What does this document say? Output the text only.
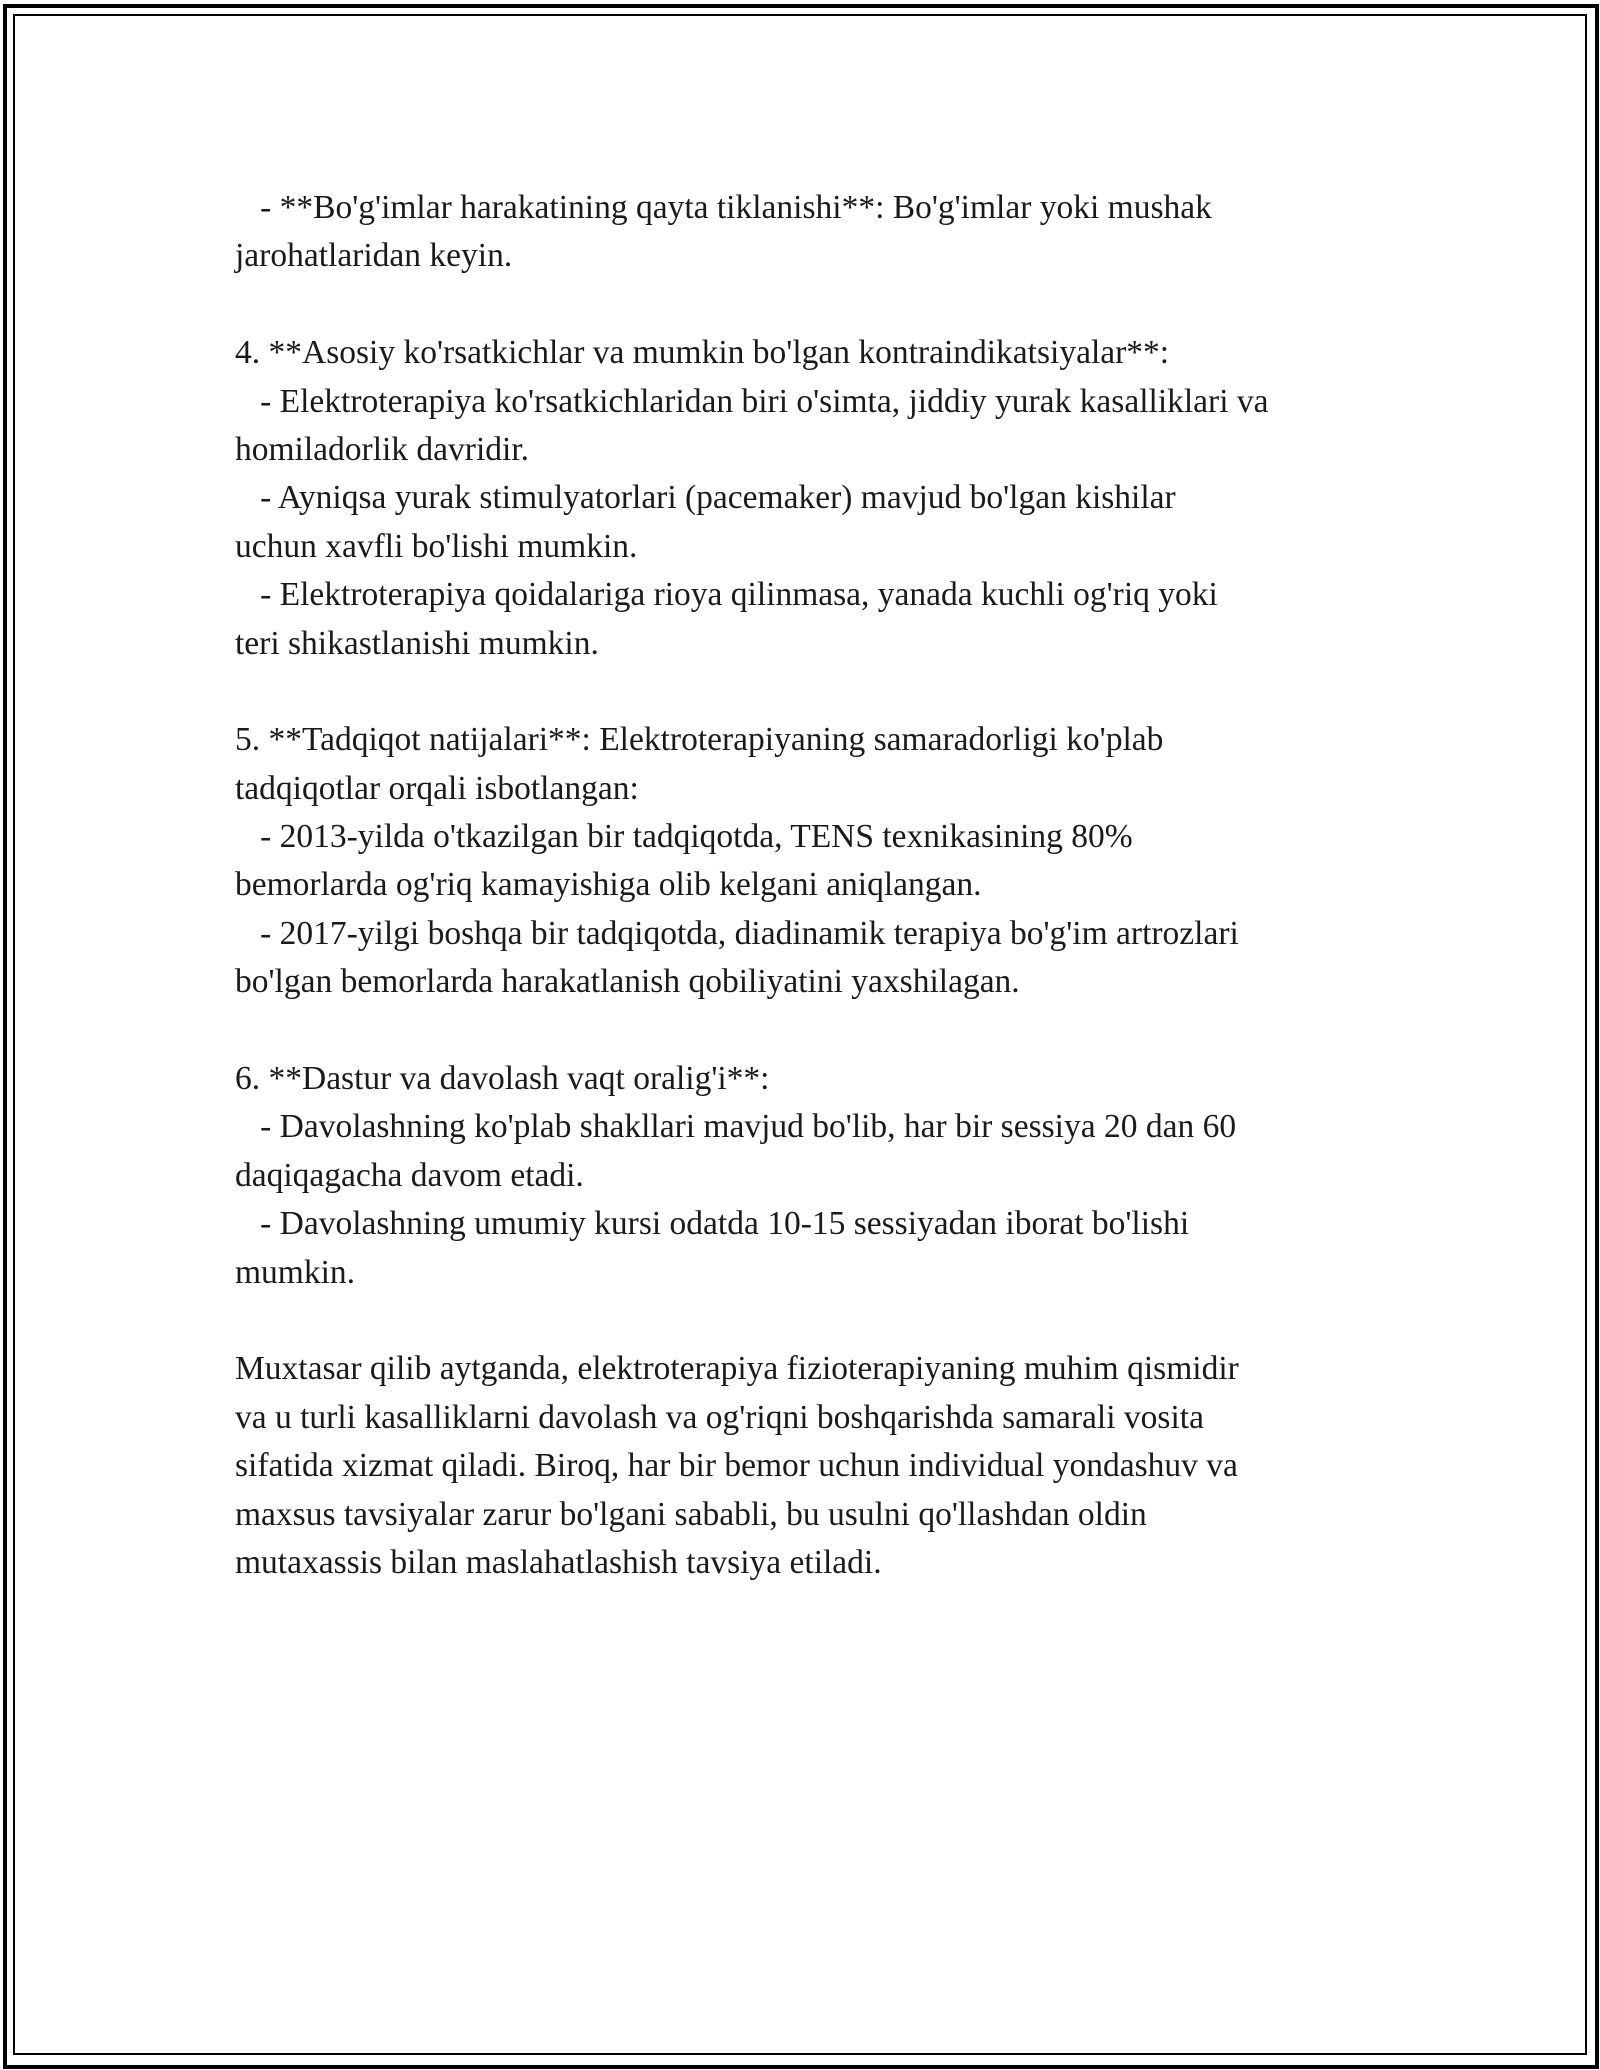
- **Bo'g'imlar harakatining qayta tiklanishi**: Bo'g'imlar yoki mushak
jarohatlaridan keyin.
4. **Asosiy ko'rsatkichlar va mumkin bo'lgan kontraindikatsiyalar**:
- Elektroterapiya ko'rsatkichlaridan biri o'simta, jiddiy yurak kasalliklari va
homiladorlik davridir.
- Ayniqsa yurak stimulyatorlari (pacemaker) mavjud bo'lgan kishilar
uchun xavfli bo'lishi mumkin.
- Elektroterapiya qoidalariga rioya qilinmasa, yanada kuchli og'riq yoki
teri shikastlanishi mumkin.
5. **Tadqiqot natijalari**: Elektroterapiyaning samaradorligi ko'plab
tadqiqotlar orqali isbotlangan:
- 2013-yilda o'tkazilgan bir tadqiqotda, TENS texnikasining 80%
bemorlarda og'riq kamayishiga olib kelgani aniqlangan.
- 2017-yilgi boshqa bir tadqiqotda, diadinamik terapiya bo'g'im artrozlari
bo'lgan bemorlarda harakatlanish qobiliyatini yaxshilagan.
6. **Dastur va davolash vaqt oralig'i**:
- Davolashning ko'plab shakllari mavjud bo'lib, har bir sessiya 20 dan 60
daqiqagacha davom etadi.
- Davolashning umumiy kursi odatda 10-15 sessiyadan iborat bo'lishi
mumkin.
Muxtasar qilib aytganda, elektroterapiya fizioterapiyaning muhim qismidir
va u turli kasalliklarni davolash va og'riqni boshqarishda samarali vosita
sifatida xizmat qiladi. Biroq, har bir bemor uchun individual yondashuv va
maxsus tavsiyalar zarur bo'lgani sababli, bu usulni qo'llashdan oldin
mutaxassis bilan maslahatlashish tavsiya etiladi.
